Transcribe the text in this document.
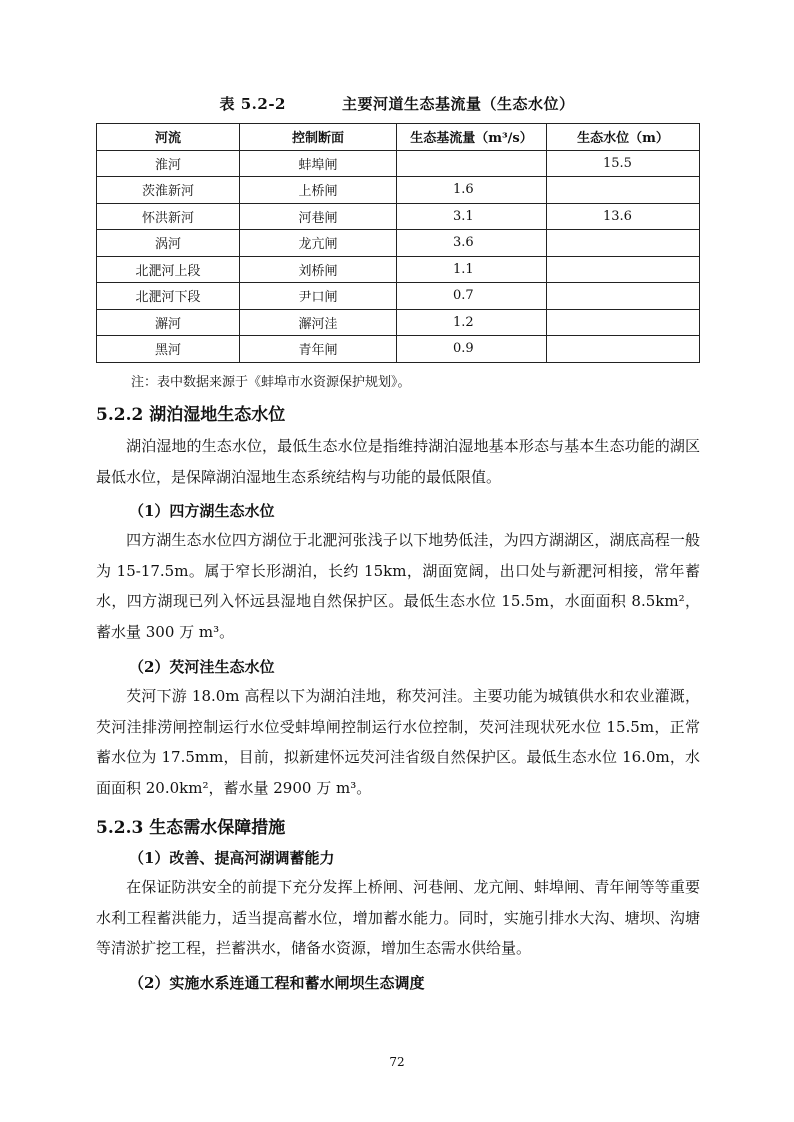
表 5.2-2	主要河道生态基流量（生态水位）
河流	控制断面	生态基流量（m³/s）	生态水位（m）
淮河	蚌埠闸		15.5
茨淮新河	上桥闸	1.6	
怀洪新河	河巷闸	3.1	13.6
涡河	龙亢闸	3.6	
北淝河上段	刘桥闸	1.1	
北淝河下段	尹口闸	0.7	
澥河	澥河洼	1.2	
黑河	青年闸	0.9	
注：表中数据来源于《蚌埠市水资源保护规划》。
5.2.2 湖泊湿地生态水位

湖泊湿地的生态水位，最低生态水位是指维持湖泊湿地基本形态与基本生态功能的湖区最低水位，是保障湖泊湿地生态系统结构与功能的最低限值。

（1）四方湖生态水位

四方湖生态水位四方湖位于北淝河张浅子以下地势低洼，为四方湖湖区，湖底高程一般为 15-17.5m。属于窄长形湖泊，长约 15km，湖面宽阔，出口处与新淝河相接，常年蓄水，四方湖现已列入怀远县湿地自然保护区。最低生态水位 15.5m，水面面积 8.5km²，蓄水量 300 万 m³。

（2）芡河洼生态水位

芡河下游 18.0m 高程以下为湖泊洼地，称芡河洼。主要功能为城镇供水和农业灌溉，芡河洼排涝闸控制运行水位受蚌埠闸控制运行水位控制，芡河洼现状死水位 15.5m，正常蓄水位为 17.5mm，目前，拟新建怀远芡河洼省级自然保护区。最低生态水位 16.0m，水面面积 20.0km²，蓄水量 2900 万 m³。

5.2.3 生态需水保障措施

（1）改善、提高河湖调蓄能力

在保证防洪安全的前提下充分发挥上桥闸、河巷闸、龙亢闸、蚌埠闸、青年闸等等重要水利工程蓄洪能力，适当提高蓄水位，增加蓄水能力。同时，实施引排水大沟、塘坝、沟塘等清淤扩挖工程，拦蓄洪水，储备水资源，增加生态需水供给量。

（2）实施水系连通工程和蓄水闸坝生态调度

72
